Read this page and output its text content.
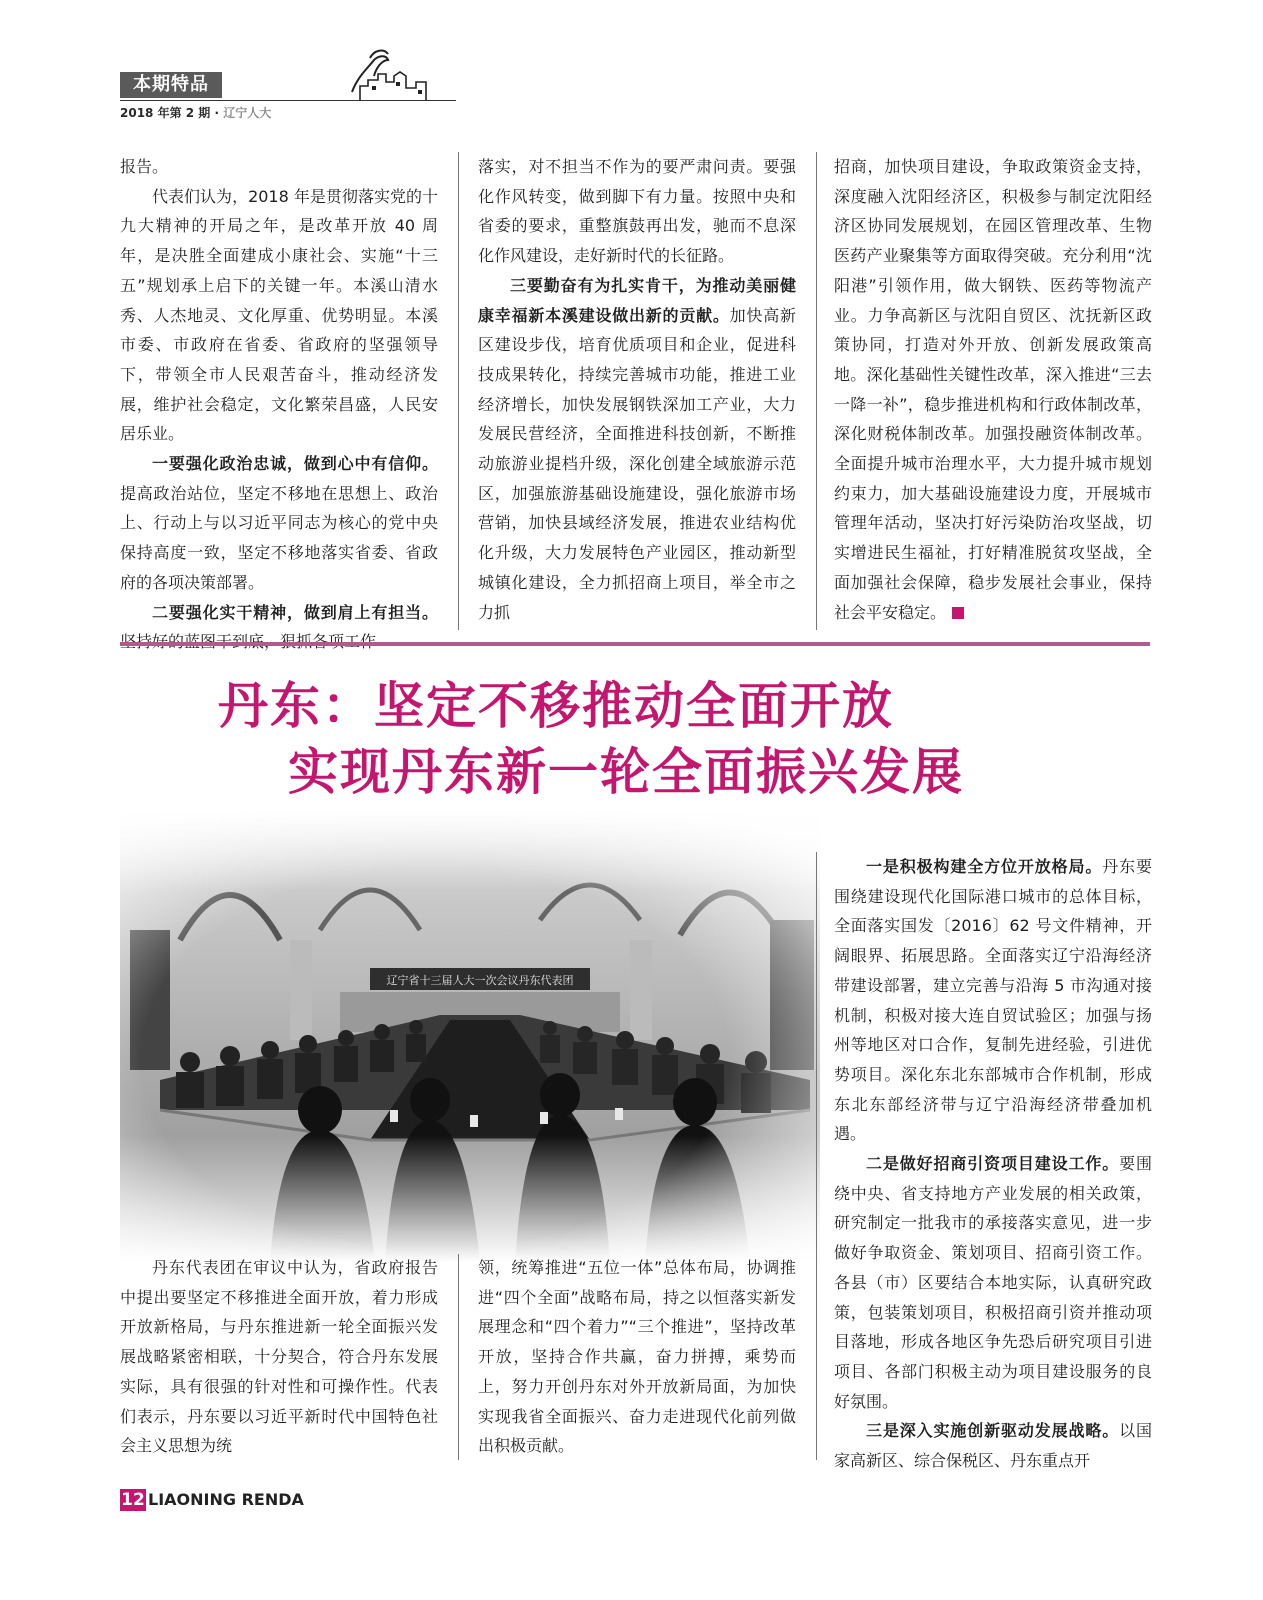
本期特品
2018 年第 2 期 · 辽宁人大

报告。

代表们认为，2018 年是贯彻落实党的十九大精神的开局之年，是改革开放 40 周年，是决胜全面建成小康社会、实施“十三五”规划承上启下的关键一年。本溪山清水秀、人杰地灵、文化厚重、优势明显。本溪市委、市政府在省委、省政府的坚强领导下，带领全市人民艰苦奋斗，推动经济发展，维护社会稳定，文化繁荣昌盛，人民安居乐业。

一要强化政治忠诚，做到心中有信仰。提高政治站位，坚定不移地在思想上、政治上、行动上与以习近平同志为核心的党中央保持高度一致，坚定不移地落实省委、省政府的各项决策部署。

二要强化实干精神，做到肩上有担当。

落实，对不担当不作为的要严肃问责。要强化作风转变，做到脚下有力量。按照中央和省委的要求，重整旗鼓再出发，驰而不息深化作风建设，走好新时代的长征路。

三要勤奋有为扎实肯干，为推动美丽健康幸福新本溪建设做出新的贡献。加快高新区建设步伐，培育优质项目和企业，促进科技成果转化，持续完善城市功能，推进工业经济增长，加快发展钢铁深加工产业，大力发展民营经济，全面推进科技创新，不断推动旅游业提档升级，深化创建全域旅游示范区，加强旅游基础设施建设，强化旅游市场营销，加快县域经济发展，推进农业结构优化升级，大力发展特色产业园区，推动新型城镇化建设，全力抓招商上项目，举全市之力抓

招商，加快项目建设，争取政策资金支持，深度融入沈阳经济区，积极参与制定沈阳经济区协同发展规划，在园区管理改革、生物医药产业聚集等方面取得突破。充分利用“沈阳港”引领作用，做大钢铁、医药等物流产业。力争高新区与沈阳自贸区、沈抚新区政策协同，打造对外开放、创新发展政策高地。深化基础性关键性改革，深入推进“三去一降一补”，稳步推进机构和行政体制改革，深化财税体制改革。加强投融资体制改革。全面提升城市治理水平，大力提升城市规划约束力，加大基础设施建设力度，开展城市管理年活动，坚决打好污染防治攻坚战，切实增进民生福祉，打好精准脱贫攻坚战，全面加强社会保障，稳步发展社会事业，保持社会平安稳定。

丹东：坚定不移推动全面开放
实现丹东新一轮全面振兴发展

丹东代表团在审议中认为，省政府报告中提出要坚定不移推进全面开放，着力形成开放新格局，与丹东推进新一轮全面振兴发展战略紧密相联，十分契合，符合丹东发展实际，具有很强的针对性和可操作性。代表们表示，丹东要以习近平新时代中国特色社会主义思想为统

领，统筹推进“五位一体”总体布局，协调推进“四个全面”战略布局，持之以恒落实新发展理念和“四个着力”“三个推进”，坚持改革开放，坚持合作共赢，奋力拼搏，乘势而上，努力开创丹东对外开放新局面，为加快实现我省全面振兴、奋力走进现代化前列做出积极贡献。

一是积极构建全方位开放格局。丹东要围绕建设现代化国际港口城市的总体目标，全面落实国发〔2016〕62 号文件精神，开阔眼界、拓展思路。全面落实辽宁沿海经济带建设部署，建立完善与沿海 5 市沟通对接机制，积极对接大连自贸试验区；加强与扬州等地区对口合作，复制先进经验，引进优势项目。深化东北东部城市合作机制，形成东北东部经济带与辽宁沿海经济带叠加机遇。

二是做好招商引资项目建设工作。要围绕中央、省支持地方产业发展的相关政策，研究制定一批我市的承接落实意见，进一步做好争取资金、策划项目、招商引资工作。各县（市）区要结合本地实际，认真研究政策，包装策划项目，积极招商引资并推动项目落地，形成各地区争先恐后研究项目引进项目、各部门积极主动为项目建设服务的良好氛围。

三是深入实施创新驱动发展战略。以国家高新区、综合保税区、丹东重点开

12 LIAONING RENDA
